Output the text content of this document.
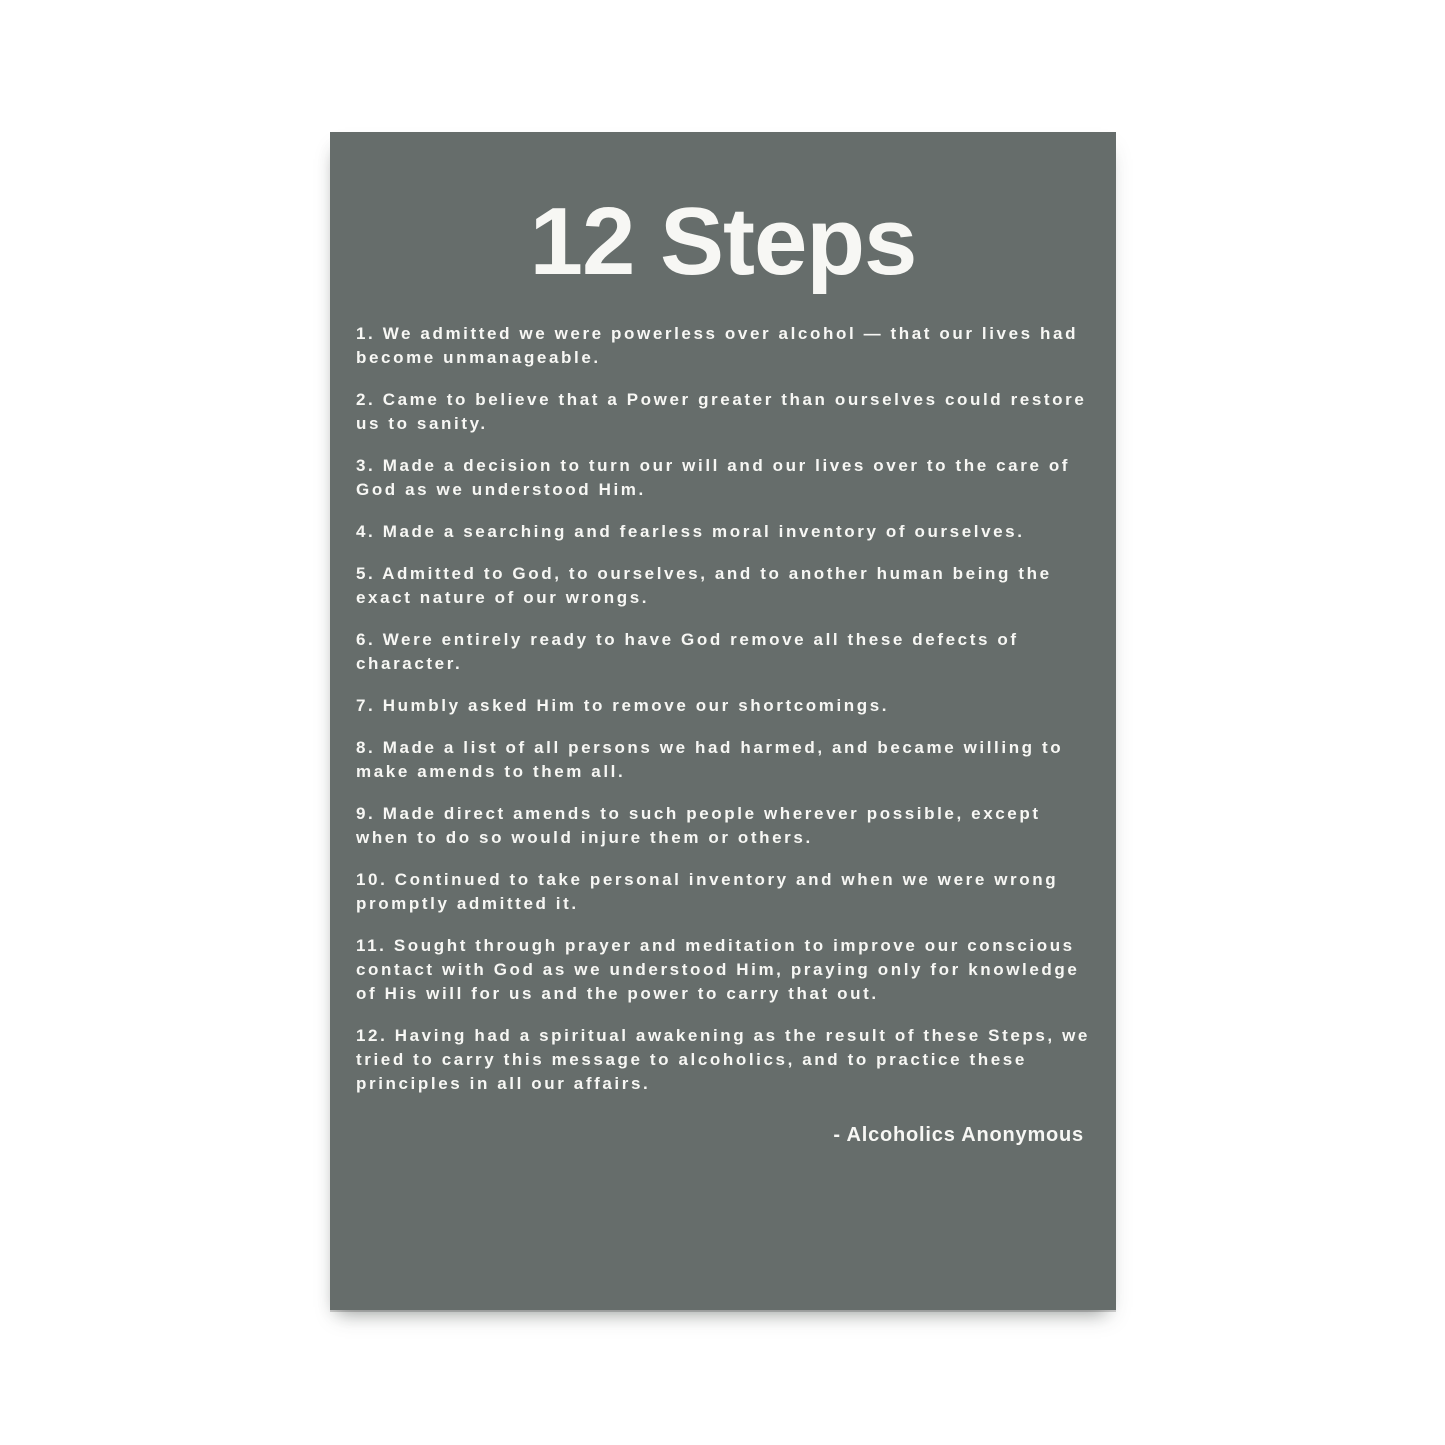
12 Steps

1. We admitted we were powerless over alcohol — that our lives had become unmanageable.

2. Came to believe that a Power greater than ourselves could restore us to sanity.

3. Made a decision to turn our will and our lives over to the care of God as we understood Him.

4. Made a searching and fearless moral inventory of ourselves.

5. Admitted to God, to ourselves, and to another human being the exact nature of our wrongs.

6. Were entirely ready to have God remove all these defects of character.

7. Humbly asked Him to remove our shortcomings.

8. Made a list of all persons we had harmed, and became willing to make amends to them all.

9. Made direct amends to such people wherever possible, except when to do so would injure them or others.

10. Continued to take personal inventory and when we were wrong promptly admitted it.

11. Sought through prayer and meditation to improve our conscious contact with God as we understood Him, praying only for knowledge of His will for us and the power to carry that out.

12. Having had a spiritual awakening as the result of these Steps, we tried to carry this message to alcoholics, and to practice these principles in all our affairs.

- Alcoholics Anonymous
